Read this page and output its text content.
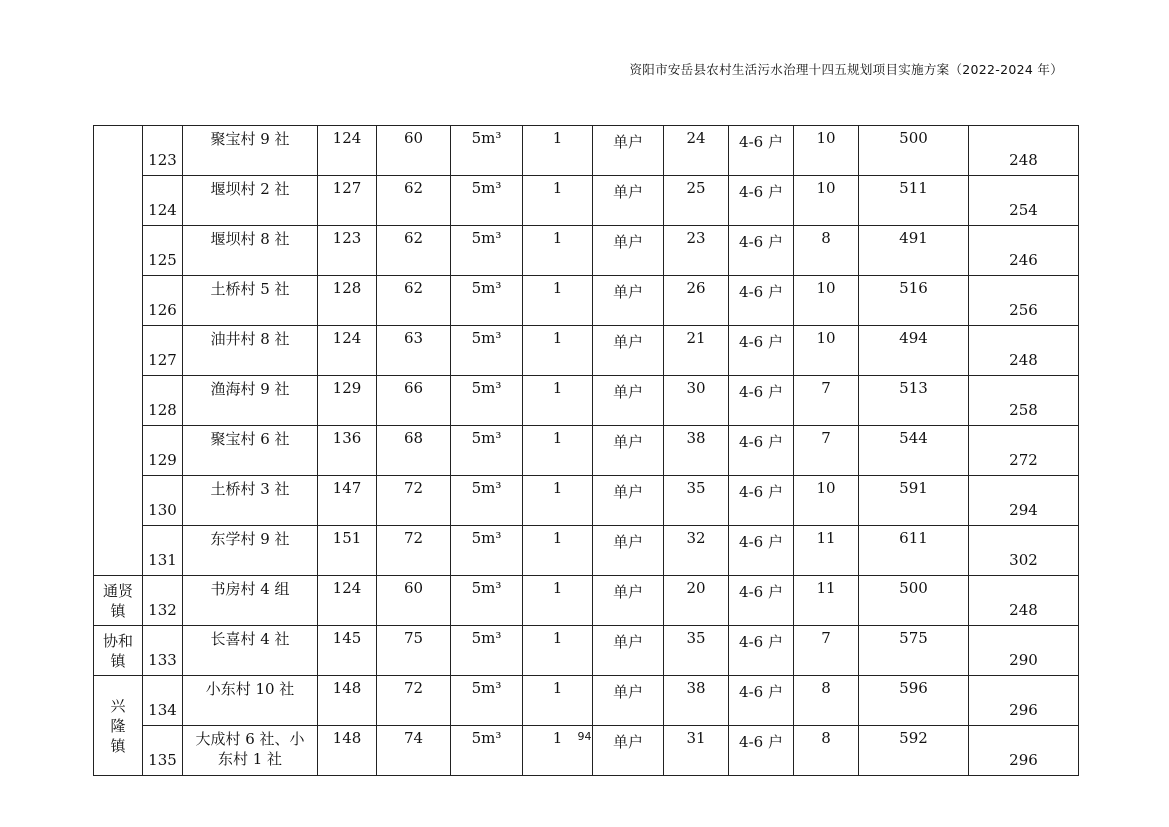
资阳市安岳县农村生活污水治理十四五规划项目实施方案（2022-2024 年）
	123	聚宝村 9 社	124	60	5m³	1	单户	24	4-6 户	10	500	248
	124	堰坝村 2 社	127	62	5m³	1	单户	25	4-6 户	10	511	254
	125	堰坝村 8 社	123	62	5m³	1	单户	23	4-6 户	8	491	246
	126	土桥村 5 社	128	62	5m³	1	单户	26	4-6 户	10	516	256
	127	油井村 8 社	124	63	5m³	1	单户	21	4-6 户	10	494	248
	128	渔海村 9 社	129	66	5m³	1	单户	30	4-6 户	7	513	258
	129	聚宝村 6 社	136	68	5m³	1	单户	38	4-6 户	7	544	272
	130	土桥村 3 社	147	72	5m³	1	单户	35	4-6 户	10	591	294
	131	东学村 9 社	151	72	5m³	1	单户	32	4-6 户	11	611	302
通贤镇	132	书房村 4 组	124	60	5m³	1	单户	20	4-6 户	11	500	248
协和镇	133	长喜村 4 社	145	75	5m³	1	单户	35	4-6 户	7	575	290
兴隆镇	134	小东村 10 社	148	72	5m³	1	单户	38	4-6 户	8	596	296
	135	大成村 6 社、小东村 1 社	148	74	5m³	1	单户	31	4-6 户	8	592	296
94
